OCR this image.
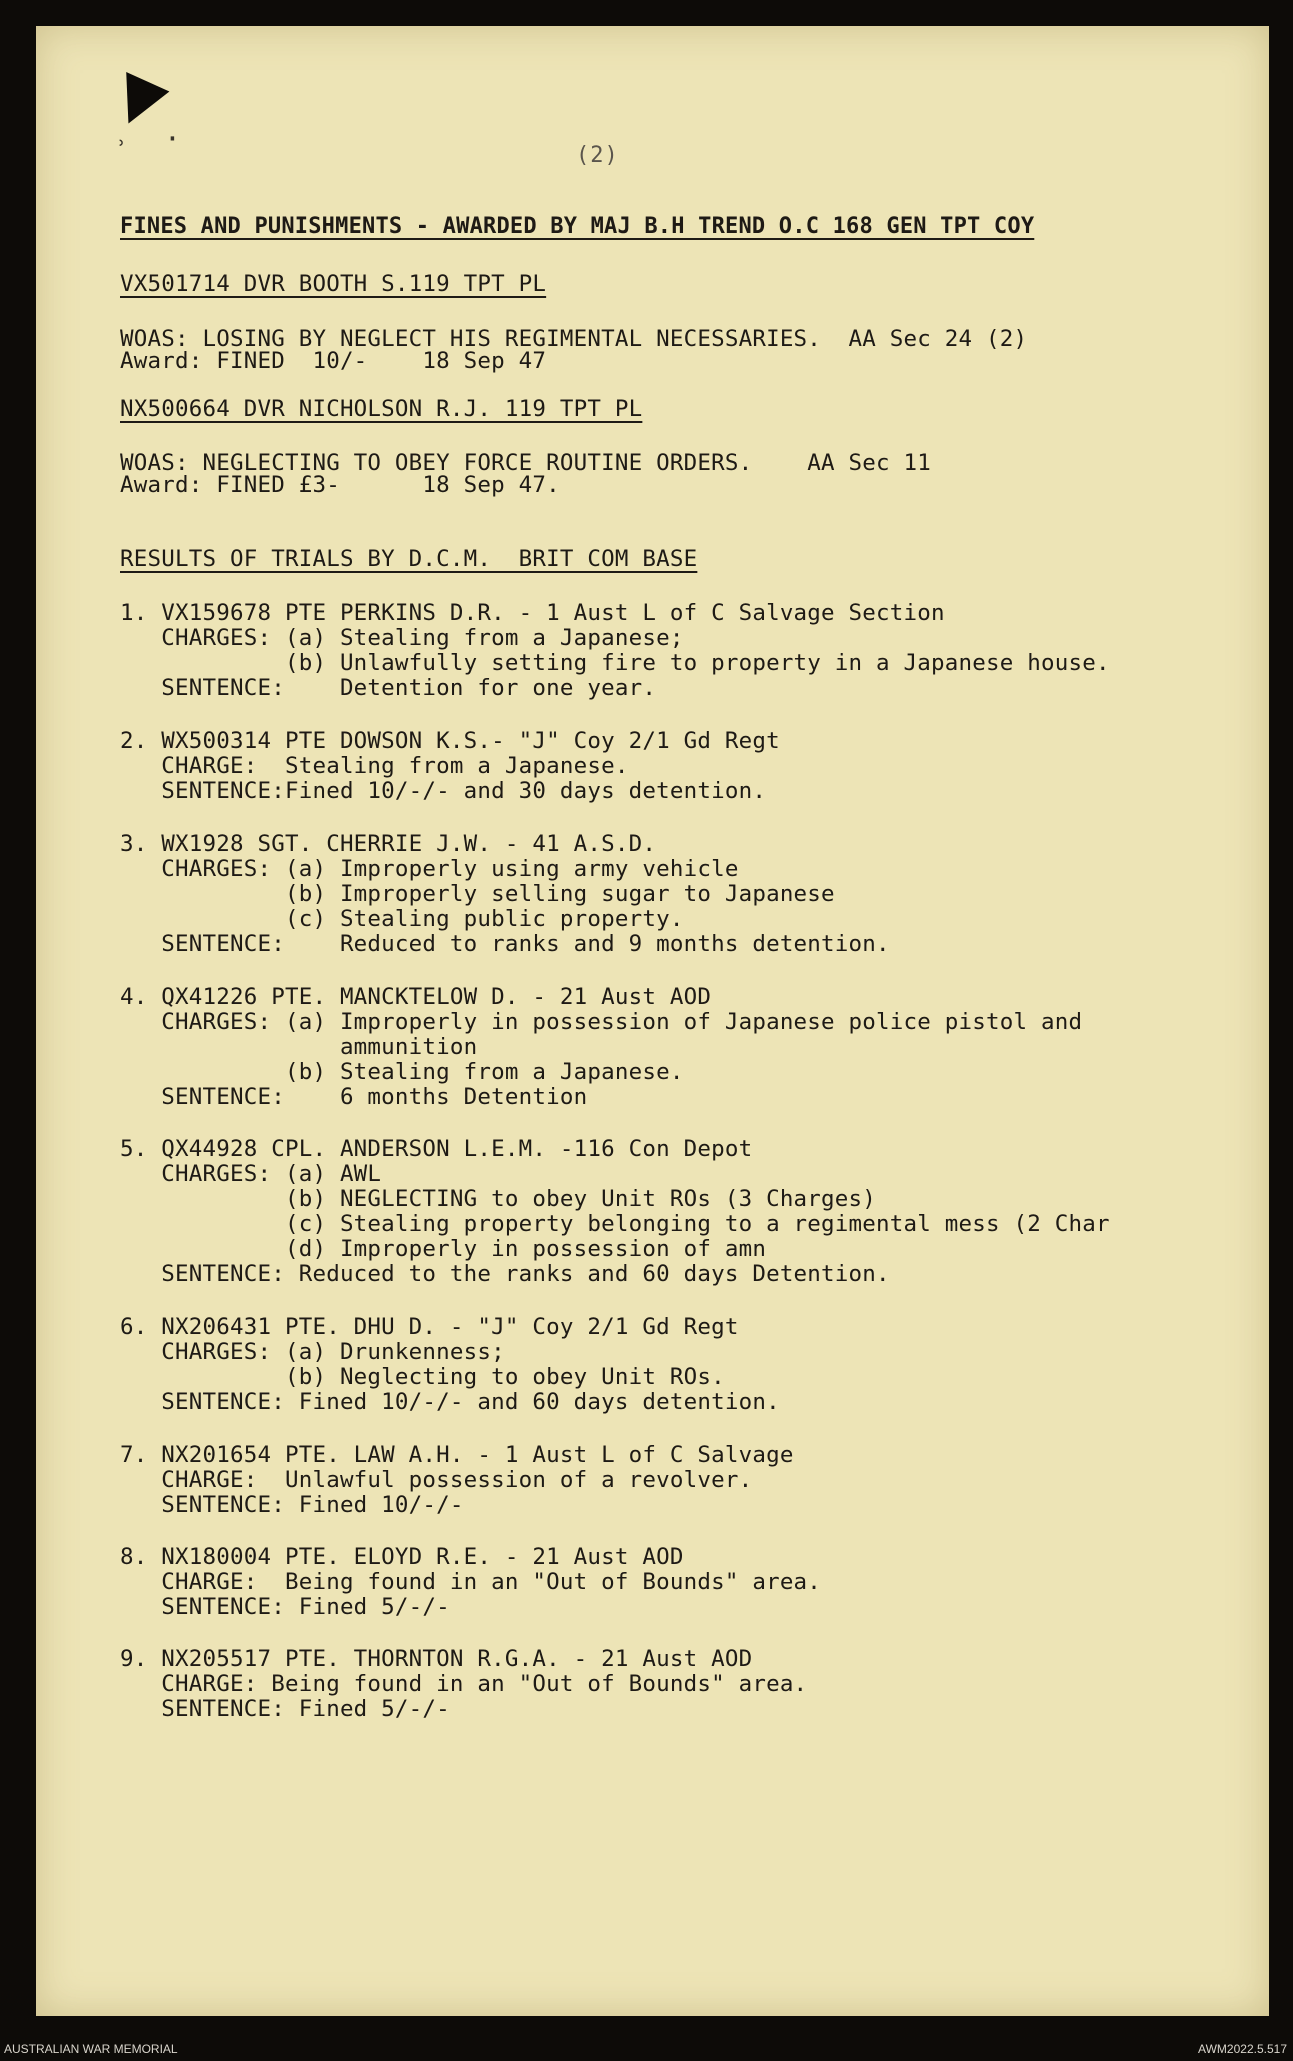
˒ ·
(2)
FINES AND PUNISHMENTS - AWARDED BY MAJ B.H TREND O.C 168 GEN TPT COY
VX501714 DVR BOOTH S.119 TPT PL
WOAS: LOSING BY NEGLECT HIS REGIMENTAL NECESSARIES.  AA Sec 24 (2)
Award: FINED  10/-    18 Sep 47
NX500664 DVR NICHOLSON R.J. 119 TPT PL
WOAS: NEGLECTING TO OBEY FORCE ROUTINE ORDERS.    AA Sec 11
Award: FINED £3-      18 Sep 47.
RESULTS OF TRIALS BY D.C.M.  BRIT COM BASE
1. VX159678 PTE PERKINS D.R. - 1 Aust L of C Salvage Section
CHARGES: (a) Stealing from a Japanese;
(b) Unlawfully setting fire to property in a Japanese house.
SENTENCE:    Detention for one year.
2. WX500314 PTE DOWSON K.S.- "J" Coy 2/1 Gd Regt
CHARGE:  Stealing from a Japanese.
SENTENCE:Fined 10/-/- and 30 days detention.
3. WX1928 SGT. CHERRIE J.W. - 41 A.S.D.
CHARGES: (a) Improperly using army vehicle
(b) Improperly selling sugar to Japanese
(c) Stealing public property.
SENTENCE:    Reduced to ranks and 9 months detention.
4. QX41226 PTE. MANCKTELOW D. - 21 Aust AOD
CHARGES: (a) Improperly in possession of Japanese police pistol and
ammunition
(b) Stealing from a Japanese.
SENTENCE:    6 months Detention
5. QX44928 CPL. ANDERSON L.E.M. -116 Con Depot
CHARGES: (a) AWL
(b) NEGLECTING to obey Unit ROs (3 Charges)
(c) Stealing property belonging to a regimental mess (2 Char
(d) Improperly in possession of amn
SENTENCE: Reduced to the ranks and 60 days Detention.
6. NX206431 PTE. DHU D. - "J" Coy 2/1 Gd Regt
CHARGES: (a) Drunkenness;
(b) Neglecting to obey Unit ROs.
SENTENCE: Fined 10/-/- and 60 days detention.
7. NX201654 PTE. LAW A.H. - 1 Aust L of C Salvage
CHARGE:  Unlawful possession of a revolver.
SENTENCE: Fined 10/-/-
8. NX180004 PTE. ELOYD R.E. - 21 Aust AOD
CHARGE:  Being found in an "Out of Bounds" area.
SENTENCE: Fined 5/-/-
9. NX205517 PTE. THORNTON R.G.A. - 21 Aust AOD
CHARGE: Being found in an "Out of Bounds" area.
SENTENCE: Fined 5/-/-
AUSTRALIAN WAR MEMORIAL	AWM2022.5.517
